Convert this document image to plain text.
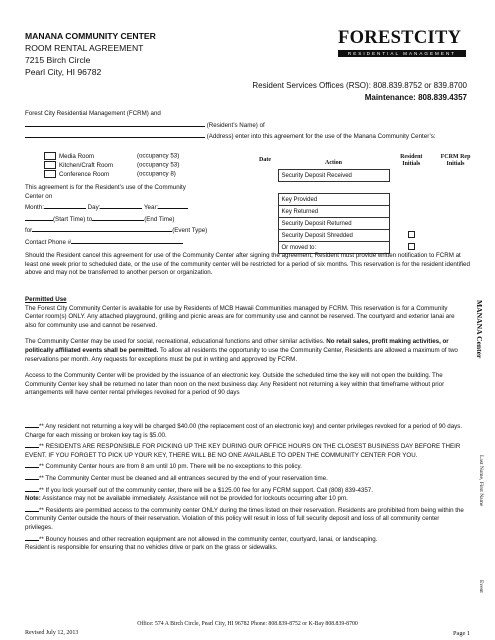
MANANA COMMUNITY CENTER
ROOM RENTAL AGREEMENT
7215 Birch Circle
Pearl City, HI 96782
FORESTCITY
RESIDENTIAL MANAGEMENT
Resident Services Offices (RSO): 808.839.8752 or 839.8700
Maintenance: 808.839.4357
Forest City Residential Management (FCRM) and
(Resident’s Name) of
(Address) enter into this agreement for the use of the Manana Community Center’s:
Media Room	(occupancy 53)
Kitchen/Craft Room	(occupancy 53)
Conference Room	(occupancy 8)
This agreement is for the Resident’s use of the Community
Center on
Month:	Day:	Year:
(Start Time) to	(End Time)
for	(Event Type)
Contact Phone #
Date	Action	Resident Initials	FCRM Rep Initials
	Security Deposit Received		

	Key Provided		
	Key Returned		
	Security Deposit Returned		
	Security Deposit Shredded		
	Or moved to:		

Should the Resident cancel this agreement for use of the Community Center after signing the agreement, Resident must provide written notification to FCRM at least one week prior to scheduled date, or the use of the community center will be restricted for a period of six months. This reservation is for the resident identified above and may not be transferred to another person or organization.

Permitted Use

The Forest City Community Center is available for use by Residents of MCB Hawaii Communities managed by FCRM. This reservation is for a Community Center room(s) ONLY. Any attached playground, grilling and picnic areas are for community use and cannot be reserved. The courtyard and exterior lanai are also for community use and cannot be reserved.

The Community Center may be used for social, recreational, educational functions and other similar activities. No retail sales, profit making activities, or politically affiliated events shall be permitted. To allow all residents the opportunity to use the Community Center, Residents are allowed a maximum of two reservations per month. Any requests for exceptions must be put in writing and approved by FCRM.

Access to the Community Center will be provided by the issuance of an electronic key. Outside the scheduled time the key will not open the building. The Community Center key shall be returned no later than noon on the next business day. Any Resident not returning a key within that timeframe without prior arrangements will have center rental privileges revoked for a period of 90 days

** Any resident not returning a key will be charged $40.00 (the replacement cost of an electronic key) and center privileges revoked for a period of 90 days. Charge for each missing or broken key tag is $5.00.

** RESIDENTS ARE RESPONSIBLE FOR PICKING UP THE KEY DURING OUR OFFICE HOURS ON THE CLOSEST BUSINESS DAY BEFORE THEIR EVENT. IF YOU FORGET TO PICK UP YOUR KEY, THERE WILL BE NO ONE AVAILABLE TO OPEN THE COMMUNITY CENTER FOR YOU.

** Community Center hours are from 8 am until 10 pm. There will be no exceptions to this policy.

** The Community Center must be cleaned and all entrances secured by the end of your reservation time.

** If you lock yourself out of the community center, there will be a $125.00 fee for any FCRM support. Call (808) 839-4357.

Note: Assistance may not be available immediately. Assistance will not be provided for lockouts occurring after 10 pm.

** Residents are permitted access to the community center ONLY during the times listed on their reservation. Residents are prohibited from being within the Community Center outside the hours of their reservation. Violation of this policy will result in loss of full security deposit and loss of all community center privileges.

** Bouncy houses and other recreation equipment are not allowed in the community center, courtyard, lanai, or landscaping.

Resident is responsible for ensuring that no vehicles drive or park on the grass or sidewalks.

MANANA Center
Last Name, First Name
Event
Office: 574 A Birch Circle, Pearl City, HI 96782 Phone: 808.839-8752 or K-Bay 808.839-8700
Revised July 12, 2013	Page 1
